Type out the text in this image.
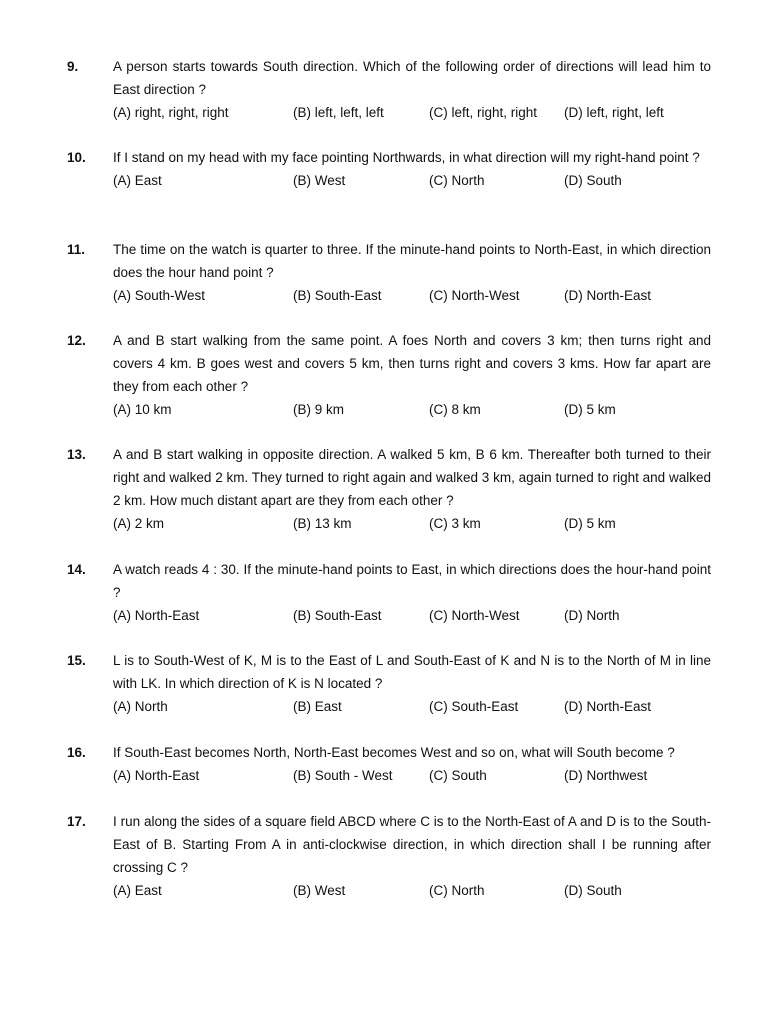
9.	A person starts towards South direction. Which of the following order of directions will lead him to East direction ?
(A) right, right, right	(B) left, left, left	(C) left, right, right (D) left, right, left
10. If I stand on my head with my face pointing Northwards, in what direction will my right-hand point ?
(A) East	(B) West	(C) North	(D) South
11. The time on the watch is quarter to three. If the minute-hand points to North-East, in which direction does the hour hand point ?
(A) South-West	(B) South-East	(C) North-West	(D) North-East
12. A and B start walking from the same point. A foes North and covers 3 km; then turns right and covers 4 km. B goes west and covers 5 km, then turns right and covers 3 kms. How far apart are they from each other ?
(A) 10 km	(B) 9 km	(C) 8 km	(D) 5 km
13. A and B start walking in opposite direction. A walked 5 km, B 6 km. Thereafter both turned to their right and walked 2 km. They turned to right again and walked 3 km, again turned to right and walked 2 km. How much distant apart are they from each other ?
(A) 2 km	(B) 13 km	(C) 3 km	(D) 5 km
14. A watch reads 4 : 30. If the minute-hand points to East, in which directions does the hour-hand point ?
(A) North-East	(B) South-East	(C) North-West	(D) North
15. L is to South-West of K, M is to the East of L and South-East of K and N is to the North of M in line with LK. In which direction of K is N located ?
(A) North	(B) East	(C) South-East	(D) North-East
16. If South-East becomes North, North-East becomes West and so on, what will South become ?
(A) North-East	(B) South - West	(C) South	(D) Northwest
17. I run along the sides of a square field ABCD where C is to the North-East of A and D is to the South-East of B. Starting From A in anti-clockwise direction, in which direction shall I be running after crossing C ?
(A) East	(B) West	(C) North	(D) South
